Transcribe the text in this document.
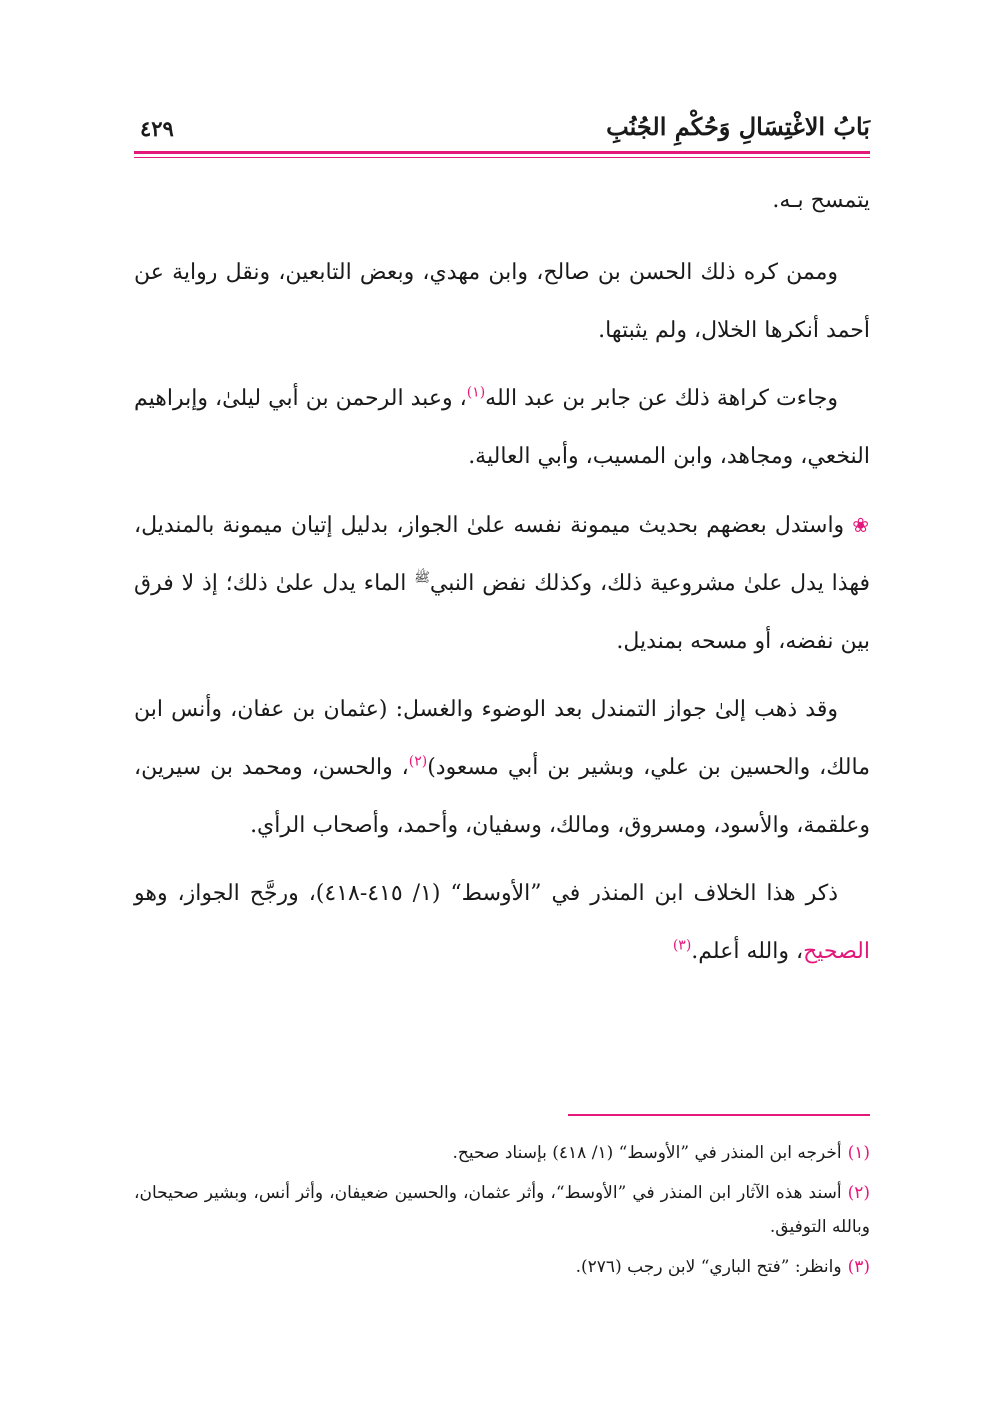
بَابُ الاغْتِسَالِ وَحُكْمِ الجُنُبِ
٤٢٩

يتمسح بـه.

وممن كره ذلك الحسن بن صالح، وابن مهدي، وبعض التابعين، ونقل رواية عن أحمد أنكرها الخلال، ولم يثبتها.

وجاءت كراهة ذلك عن جابر بن عبد الله$^{(١)}$، وعبد الرحمن بن أبي ليلىٰ، وإبراهيم النخعي، ومجاهد، وابن المسيب، وأبي العالية.

❀واستدل بعضهم بحديث ميمونة نفسه علىٰ الجواز، بدليل إتيان ميمونة بالمنديل، فهذا يدل علىٰ مشروعية ذلك، وكذلك نفض النبي$^ﷺ$ الماء يدل علىٰ ذلك؛ إذ لا فرق بين نفضه، أو مسحه بمنديل.

وقد ذهب إلىٰ جواز التمندل بعد الوضوء والغسل: (عثمان بن عفان، وأنس ابن مالك، والحسين بن علي، وبشير بن أبي مسعود)$^{(٢)}$، والحسن، ومحمد بن سيرين، وعلقمة، والأسود، ومسروق، ومالك، وسفيان، وأحمد، وأصحاب الرأي.

ذكر هذا الخلاف ابن المنذر في ”الأوسط“ (١/ ٤١٥-٤١٨)، ورجَّح الجواز، وهو الصحيح، والله أعلم.$^{(٣)}$

(١)أخرجه ابن المنذر في ”الأوسط“ (١/ ٤١٨) بإسناد صحيح.
(٢)أسند هذه الآثار ابن المنذر في ”الأوسط“، وأثر عثمان، والحسين ضعيفان، وأثر أنس، وبشير صحيحان، وبالله التوفيق.
(٣)وانظر: ”فتح الباري“ لابن رجب (٢٧٦).
